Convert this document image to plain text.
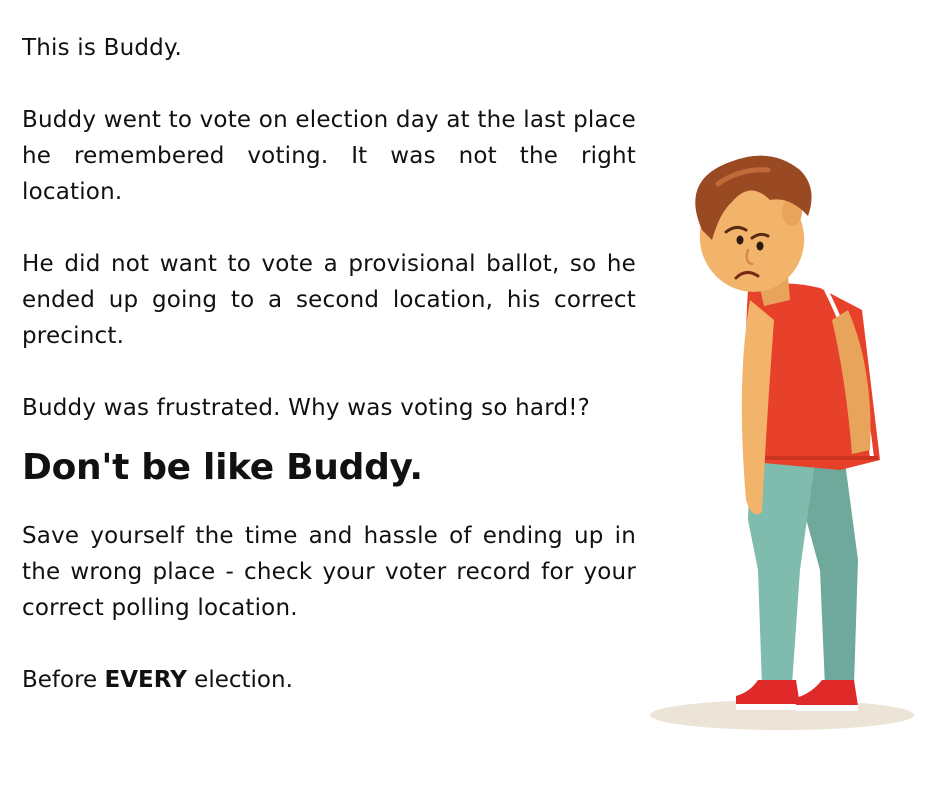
This is Buddy.

Buddy went to vote on election day at the last place he remembered voting. It was not the right location.

He did not want to vote a provisional ballot, so he ended up going to a second location, his correct precinct.

Buddy was frustrated. Why was voting so hard!?

Don't be like Buddy.

Save yourself the time and hassle of ending up in the wrong place - check your voter record for your correct polling location.

Before EVERY election.
